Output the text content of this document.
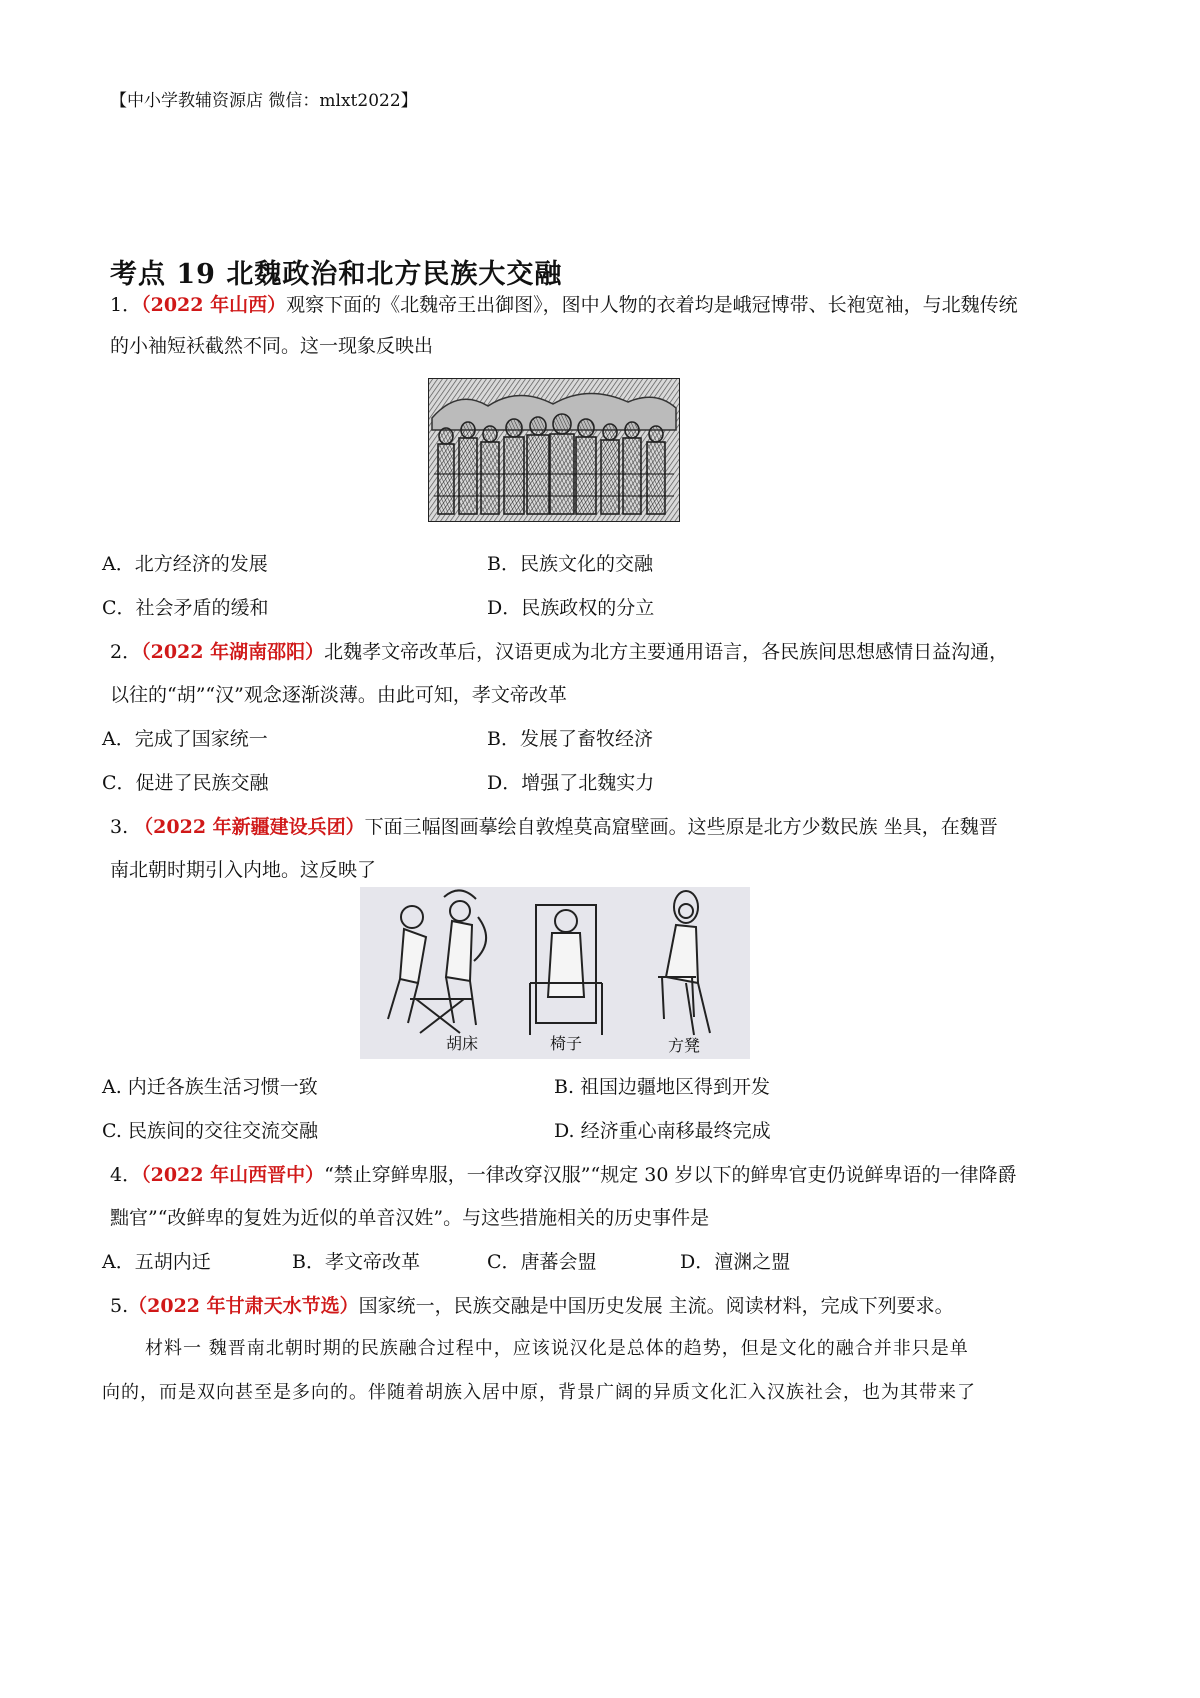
【中小学教辅资源店 微信：mlxt2022】
考点 19 北魏政治和北方民族大交融
1．（2022 年山西）观察下面的《北魏帝王出御图》，图中人物的衣着均是峨冠博带、长袍宽袖，与北魏传统
的小袖短袄截然不同。这一现象反映出
A．北方经济的发展	B．民族文化的交融
C．社会矛盾的缓和	D．民族政权的分立
2．（2022 年湖南邵阳）北魏孝文帝改革后，汉语更成为北方主要通用语言，各民族间思想感情日益沟通，
以往的“胡”“汉”观念逐渐淡薄。由此可知，孝文帝改革
A．完成了国家统一	B．发展了畜牧经济
C．促进了民族交融	D．增强了北魏实力
3. （2022 年新疆建设兵团）下面三幅图画摹绘自敦煌莫高窟壁画。这些原是北方少数民族 坐具，在魏晋
南北朝时期引入内地。这反映了
胡床	椅子	方凳
A. 内迁各族生活习惯一致	B. 祖国边疆地区得到开发
C. 民族间的交往交流交融	D. 经济重心南移最终完成
4．（2022 年山西晋中）“禁止穿鲜卑服，一律改穿汉服”“规定 30 岁以下的鲜卑官吏仍说鲜卑语的一律降爵
黜官”“改鲜卑的复姓为近似的单音汉姓”。与这些措施相关的历史事件是
A．五胡内迁	B．孝文帝改革	C．唐蕃会盟	D．澶渊之盟
5.（2022 年甘肃天水节选）国家统一，民族交融是中国历史发展 主流。阅读材料，完成下列要求。
材料一 魏晋南北朝时期的民族融合过程中，应该说汉化是总体的趋势，但是文化的融合并非只是单
向的，而是双向甚至是多向的。伴随着胡族入居中原，背景广阔的异质文化汇入汉族社会，也为其带来了
